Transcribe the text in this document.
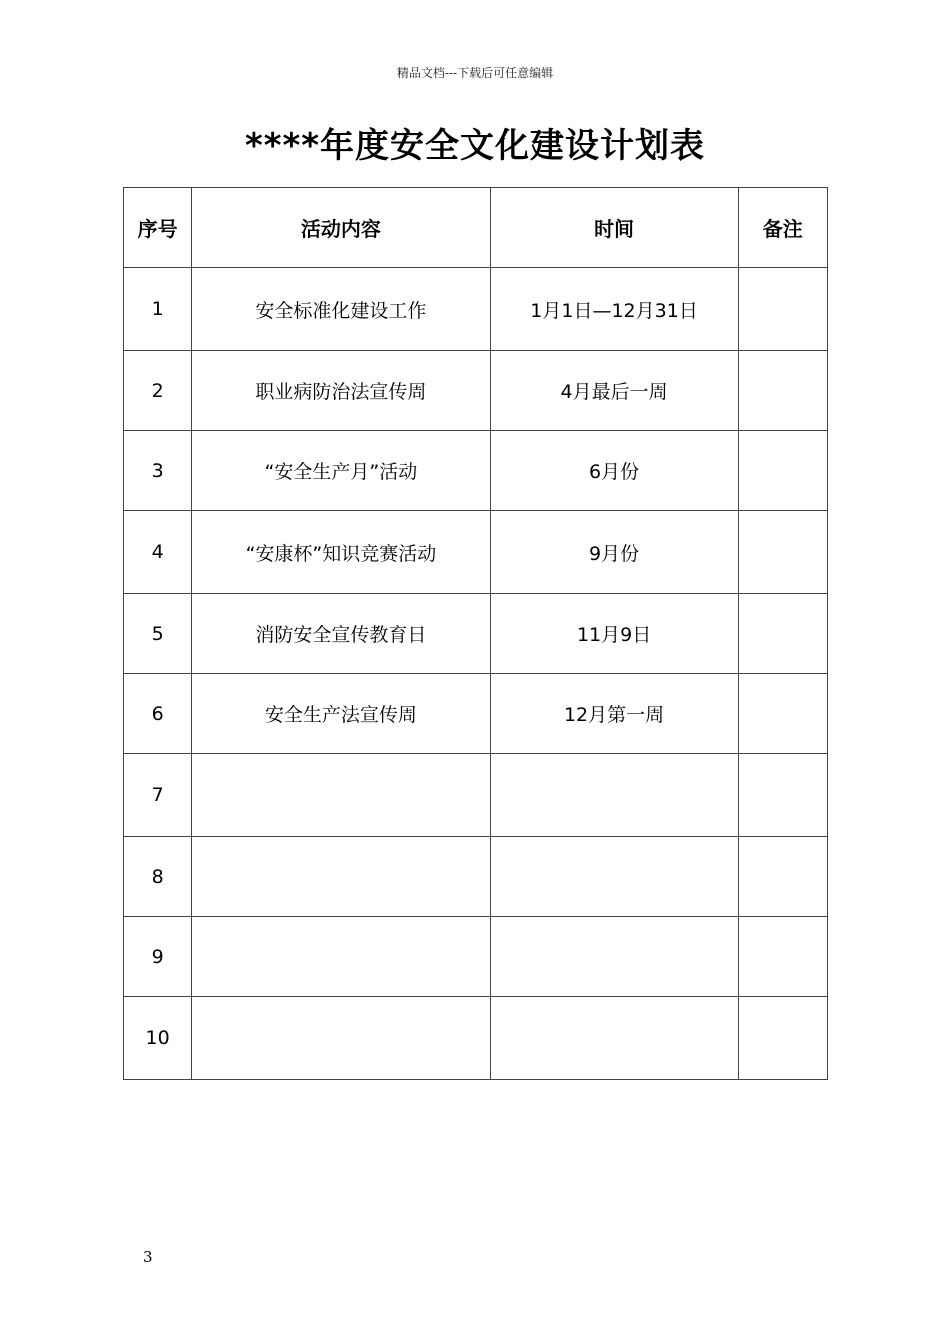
精品文档---下载后可任意编辑
****年度安全文化建设计划表
序号	活动内容	时间	备注
1	安全标准化建设工作	1月1日—12月31日	
2	职业病防治法宣传周	4月最后一周	
3	“安全生产月”活动	6月份	
4	“安康杯”知识竞赛活动	9月份	
5	消防安全宣传教育日	11月9日	
6	安全生产法宣传周	12月第一周	
7			
8			
9			
10			
3
